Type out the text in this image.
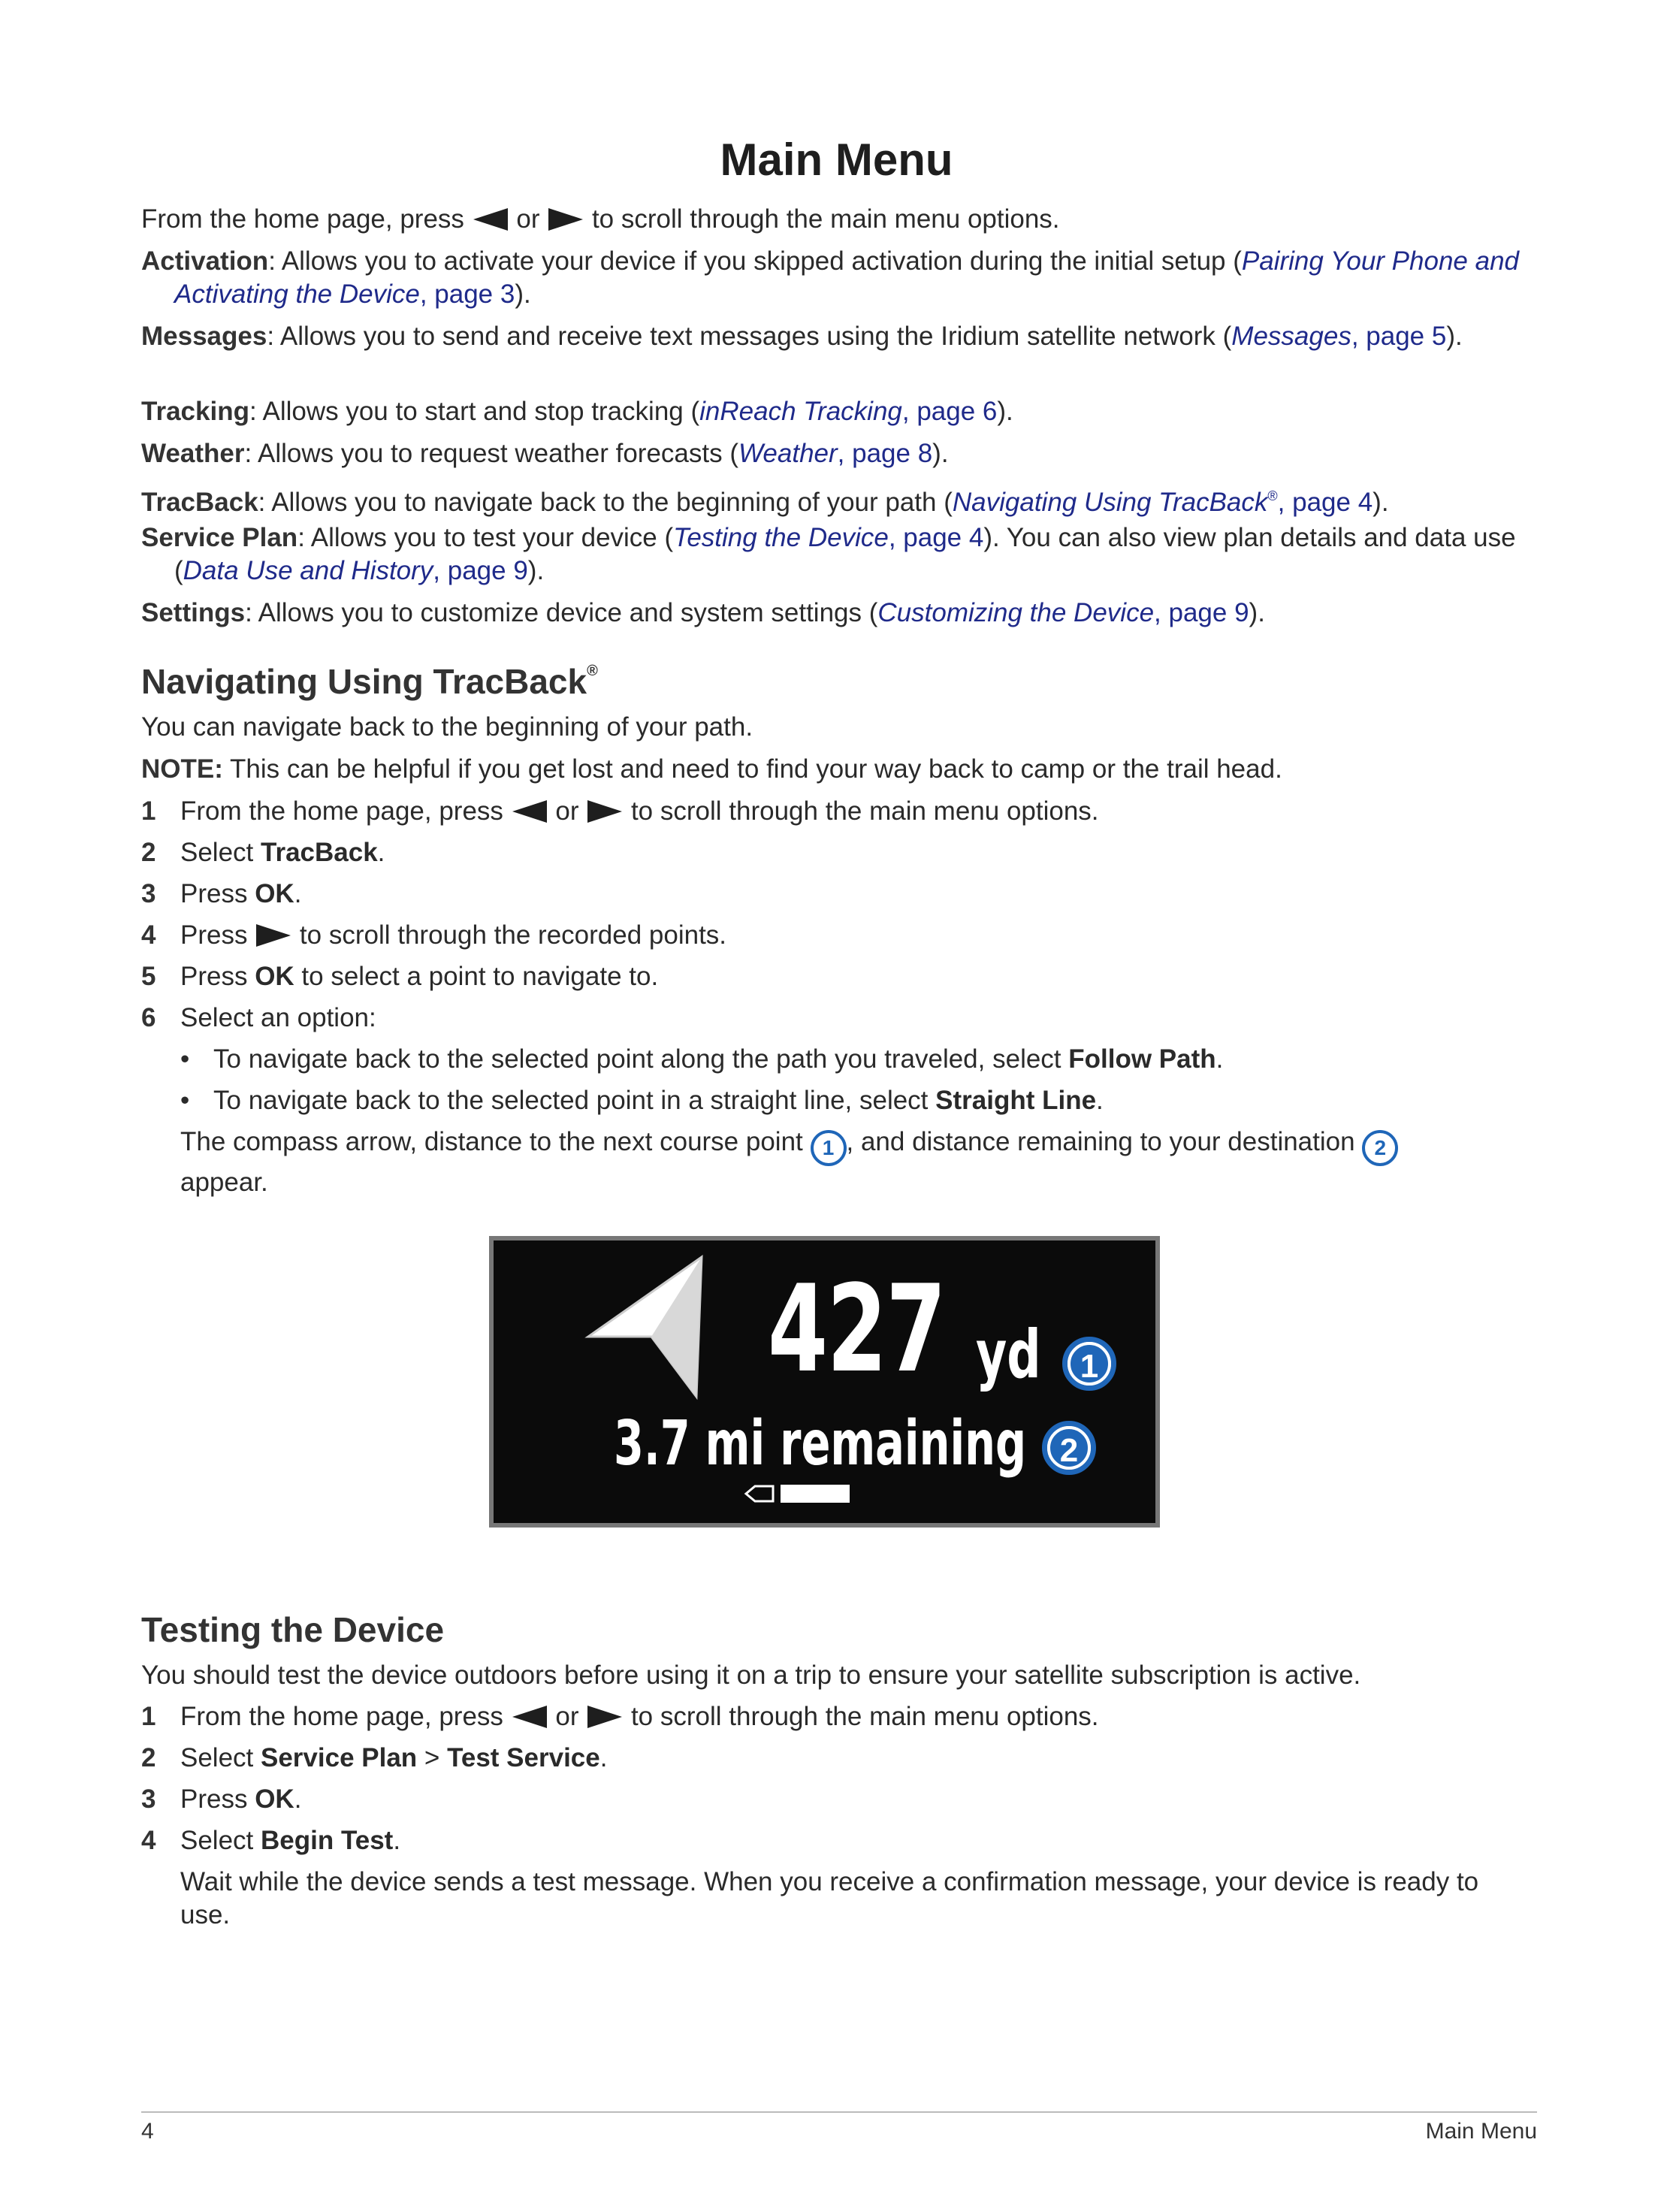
Main Menu
From the home page, press  or  to scroll through the main menu options.
Activation: Allows you to activate your device if you skipped activation during the initial setup (Pairing Your Phone and Activating the Device, page 3).
Messages: Allows you to send and receive text messages using the Iridium satellite network (Messages, page 5).
Tracking: Allows you to start and stop tracking (inReach Tracking, page 6).
Weather: Allows you to request weather forecasts (Weather, page 8).
TracBack: Allows you to navigate back to the beginning of your path (Navigating Using TracBack®, page 4).
Service Plan: Allows you to test your device (Testing the Device, page 4). You can also view plan details and data use (Data Use and History, page 9).
Settings: Allows you to customize device and system settings (Customizing the Device, page 9).
Navigating Using TracBack®
You can navigate back to the beginning of your path.
NOTE: This can be helpful if you get lost and need to find your way back to camp or the trail head.
1 From the home page, press  or  to scroll through the main menu options.
2 Select TracBack.
3 Press OK.
4 Press  to scroll through the recorded points.
5 Press OK to select a point to navigate to.
6 Select an option:
• To navigate back to the selected point along the path you traveled, select Follow Path.
• To navigate back to the selected point in a straight line, select Straight Line.
The compass arrow, distance to the next course point 1 , and distance remaining to your destination 2
appear.
427 yd	1
3.7 mi remaining	2
Testing the Device
You should test the device outdoors before using it on a trip to ensure your satellite subscription is active.
1 From the home page, press  or  to scroll through the main menu options.
2 Select Service Plan > Test Service.
3 Press OK.
4 Select Begin Test.
Wait while the device sends a test message. When you receive a confirmation message, your device is ready to use.
4	Main Menu
